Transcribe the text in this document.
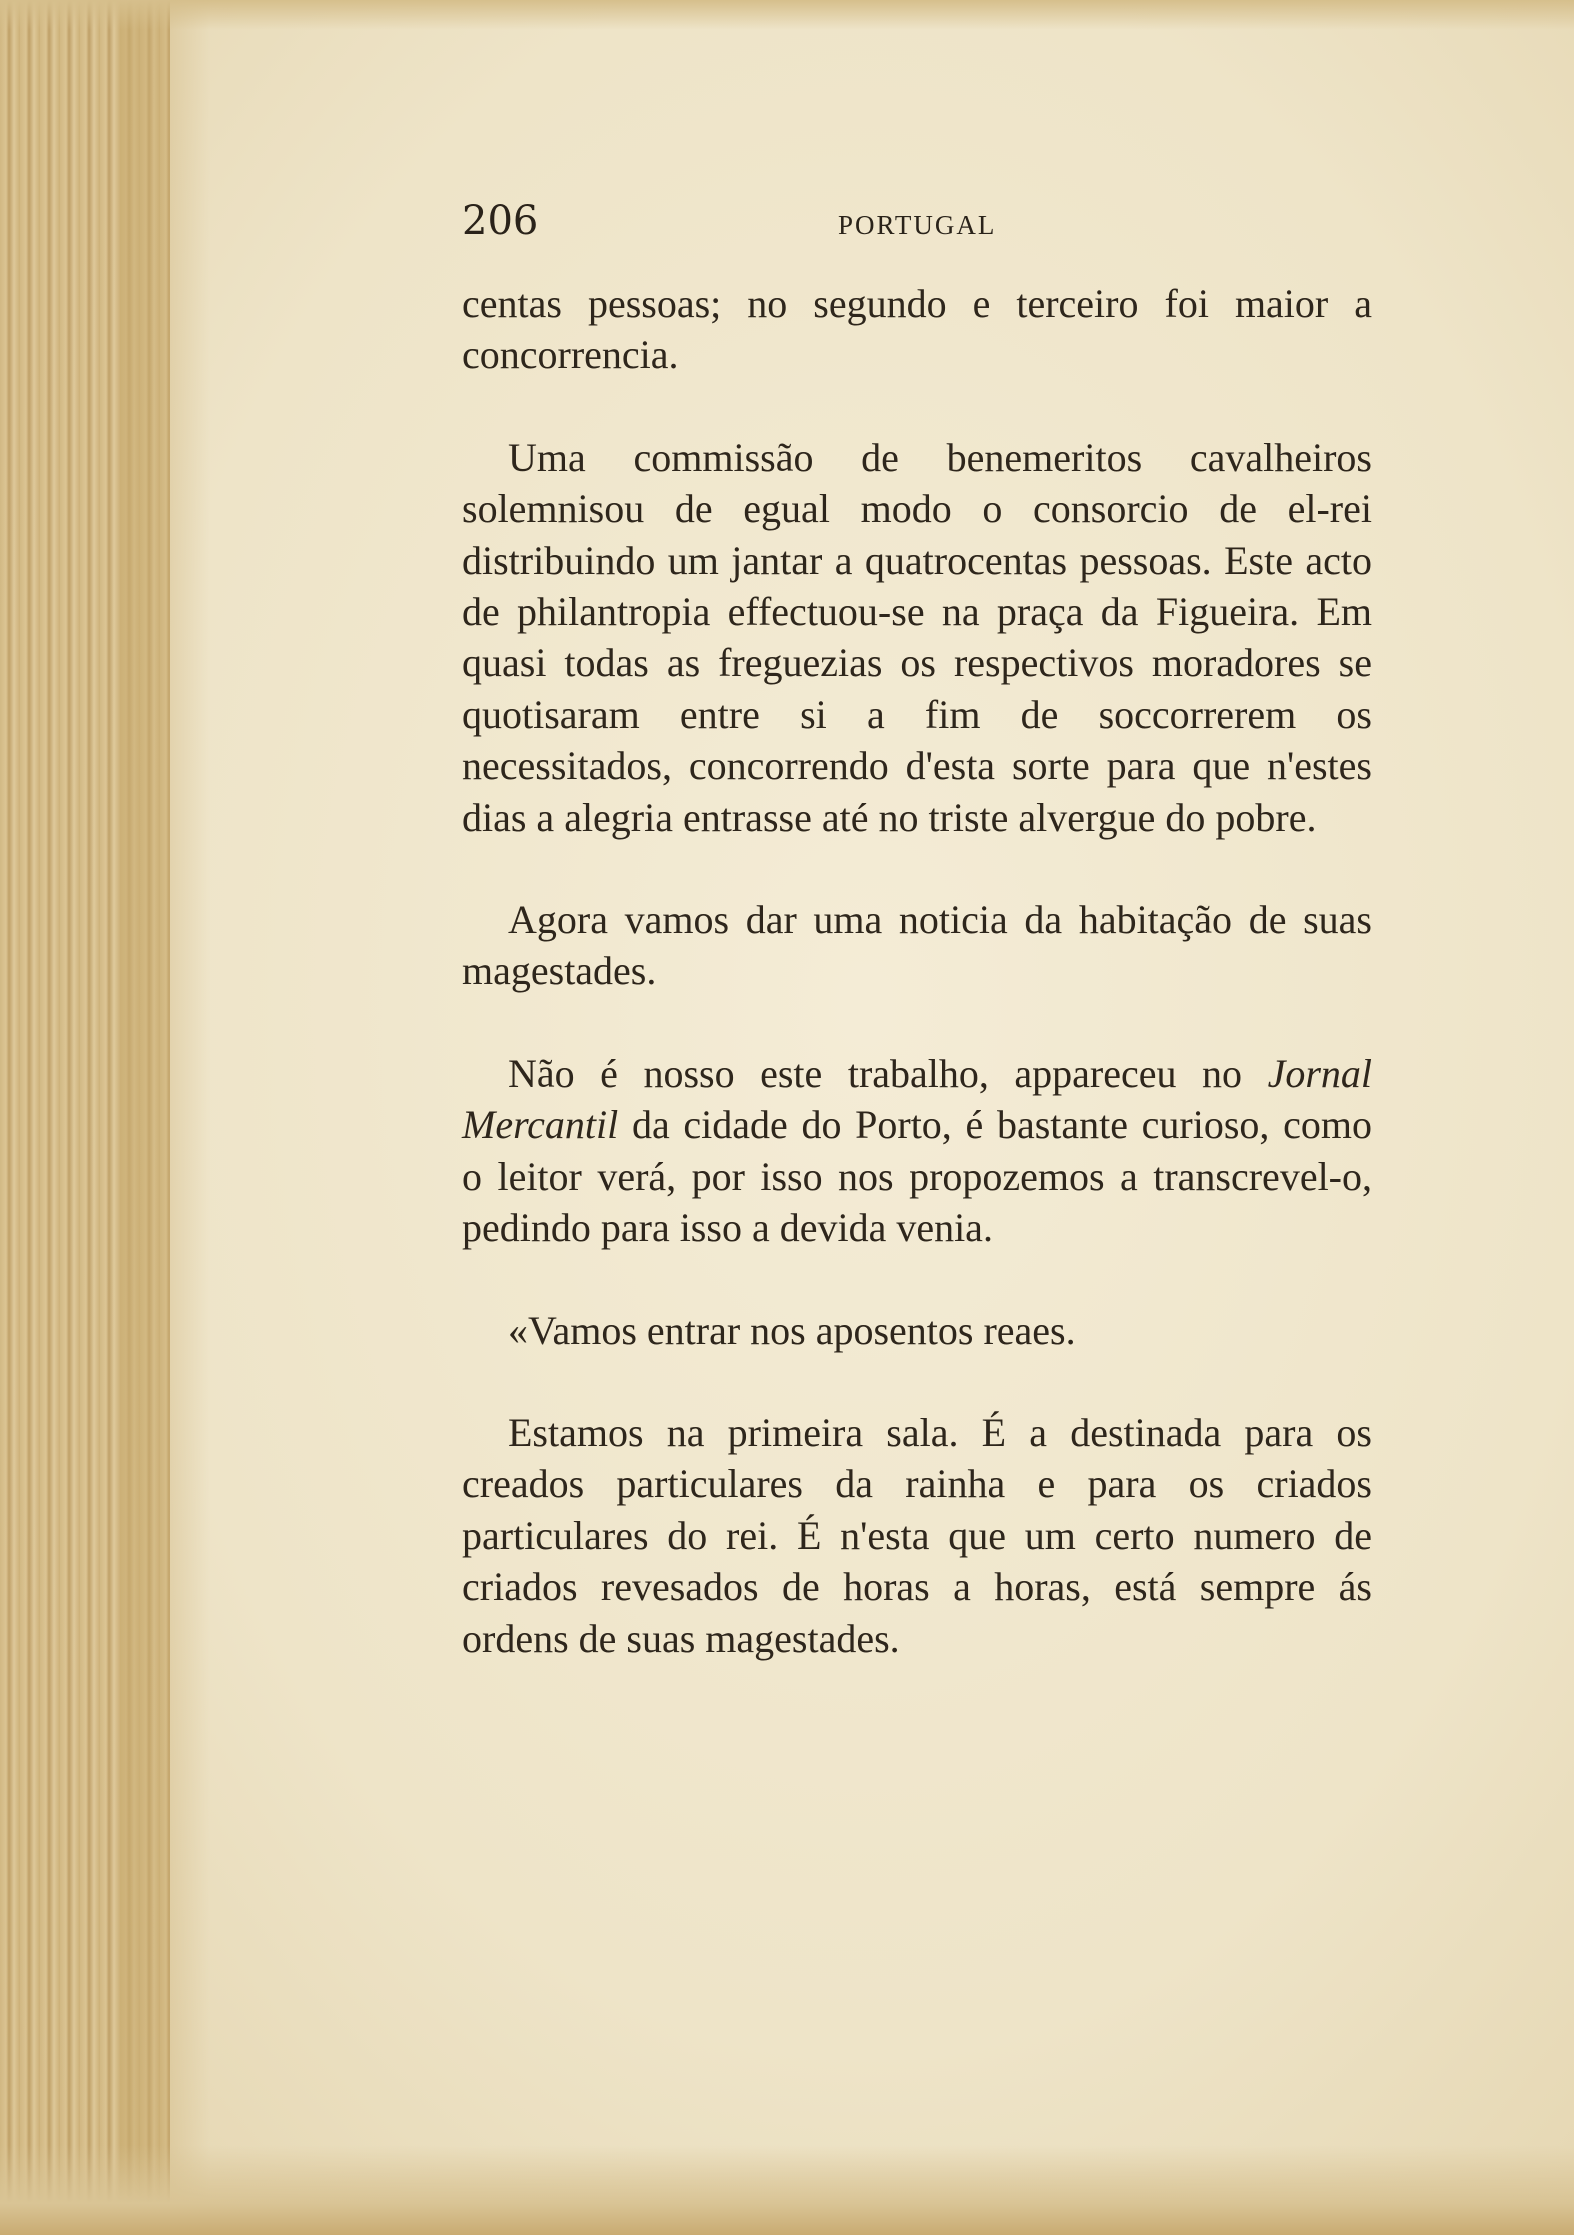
206	PORTUGAL

centas pessoas; no segundo e terceiro foi maior a concorrencia.

Uma commissão de benemeritos cavalheiros solemnisou de egual modo o consorcio de el-rei distribuindo um jantar a quatrocentas pessoas. Este acto de philantropia effectuou-se na praça da Figueira. Em quasi todas as freguezias os respectivos moradores se quotisaram entre si a fim de soccorrerem os necessitados, concorrendo d'esta sorte para que n'estes dias a alegria entrasse até no triste alvergue do pobre.

Agora vamos dar uma noticia da habitação de suas magestades.

Não é nosso este trabalho, appareceu no Jornal Mercantil da cidade do Porto, é bastante curioso, como o leitor verá, por isso nos propozemos a transcrevel-o, pedindo para isso a devida venia.

«Vamos entrar nos aposentos reaes.

Estamos na primeira sala. É a destinada para os creados particulares da rainha e para os criados particulares do rei. É n'esta que um certo numero de criados revesados de horas a horas, está sempre ás ordens de suas magestades.
